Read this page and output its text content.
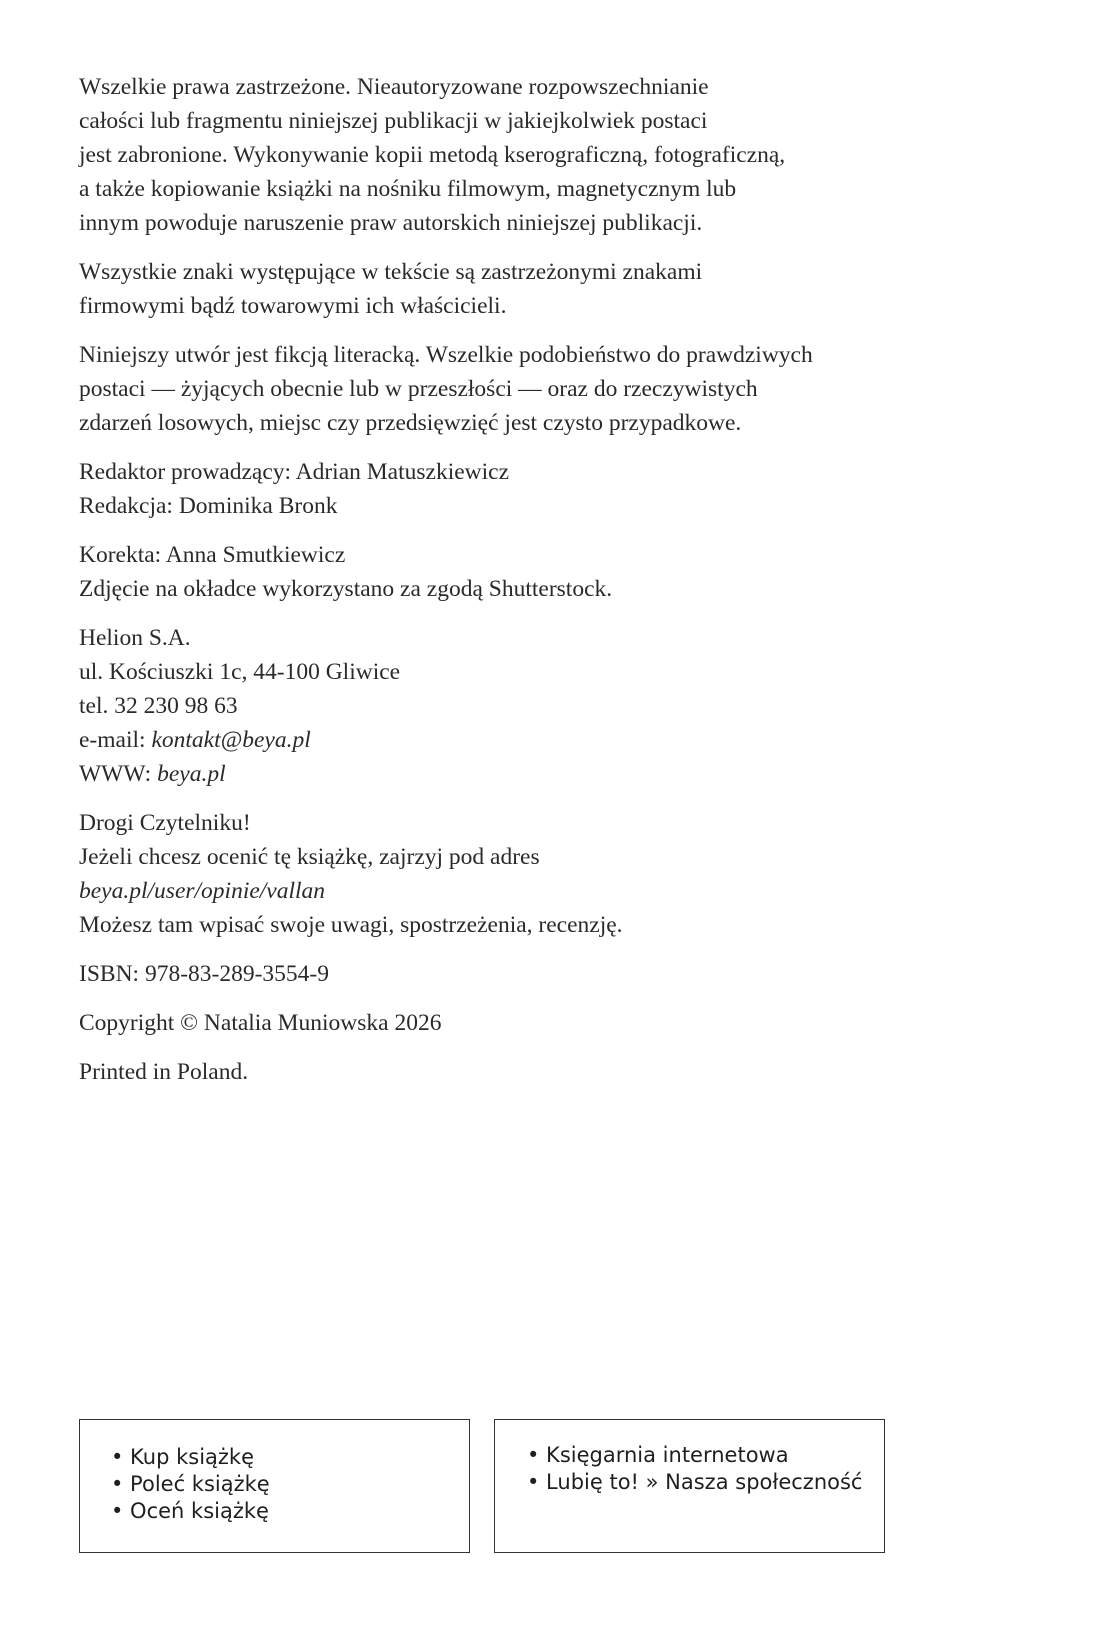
Wszelkie prawa zastrzeżone. Nieautoryzowane rozpowszechnianie
całości lub fragmentu niniejszej publikacji w jakiejkolwiek postaci
jest zabronione. Wykonywanie kopii metodą kserograficzną, fotograficzną,
a także kopiowanie książki na nośniku filmowym, magnetycznym lub
innym powoduje naruszenie praw autorskich niniejszej publikacji.

Wszystkie znaki występujące w tekście są zastrzeżonymi znakami
firmowymi bądź towarowymi ich właścicieli.

Niniejszy utwór jest fikcją literacką. Wszelkie podobieństwo do prawdziwych
postaci — żyjących obecnie lub w przeszłości — oraz do rzeczywistych
zdarzeń losowych, miejsc czy przedsięwzięć jest czysto przypadkowe.

Redaktor prowadzący: Adrian Matuszkiewicz
Redakcja: Dominika Bronk

Korekta: Anna Smutkiewicz
Zdjęcie na okładce wykorzystano za zgodą Shutterstock.

Helion S.A.
ul. Kościuszki 1c, 44-100 Gliwice
tel. 32 230 98 63
e-mail: kontakt@beya.pl
WWW: beya.pl

Drogi Czytelniku!
Jeżeli chcesz ocenić tę książkę, zajrzyj pod adres
beya.pl/user/opinie/vallan
Możesz tam wpisać swoje uwagi, spostrzeżenia, recenzję.

ISBN: 978-83-289-3554-9

Copyright © Natalia Muniowska 2026

Printed in Poland.

• Kup książkę
• Poleć książkę
• Oceń książkę
• Księgarnia internetowa
• Lubię to! » Nasza społeczność
